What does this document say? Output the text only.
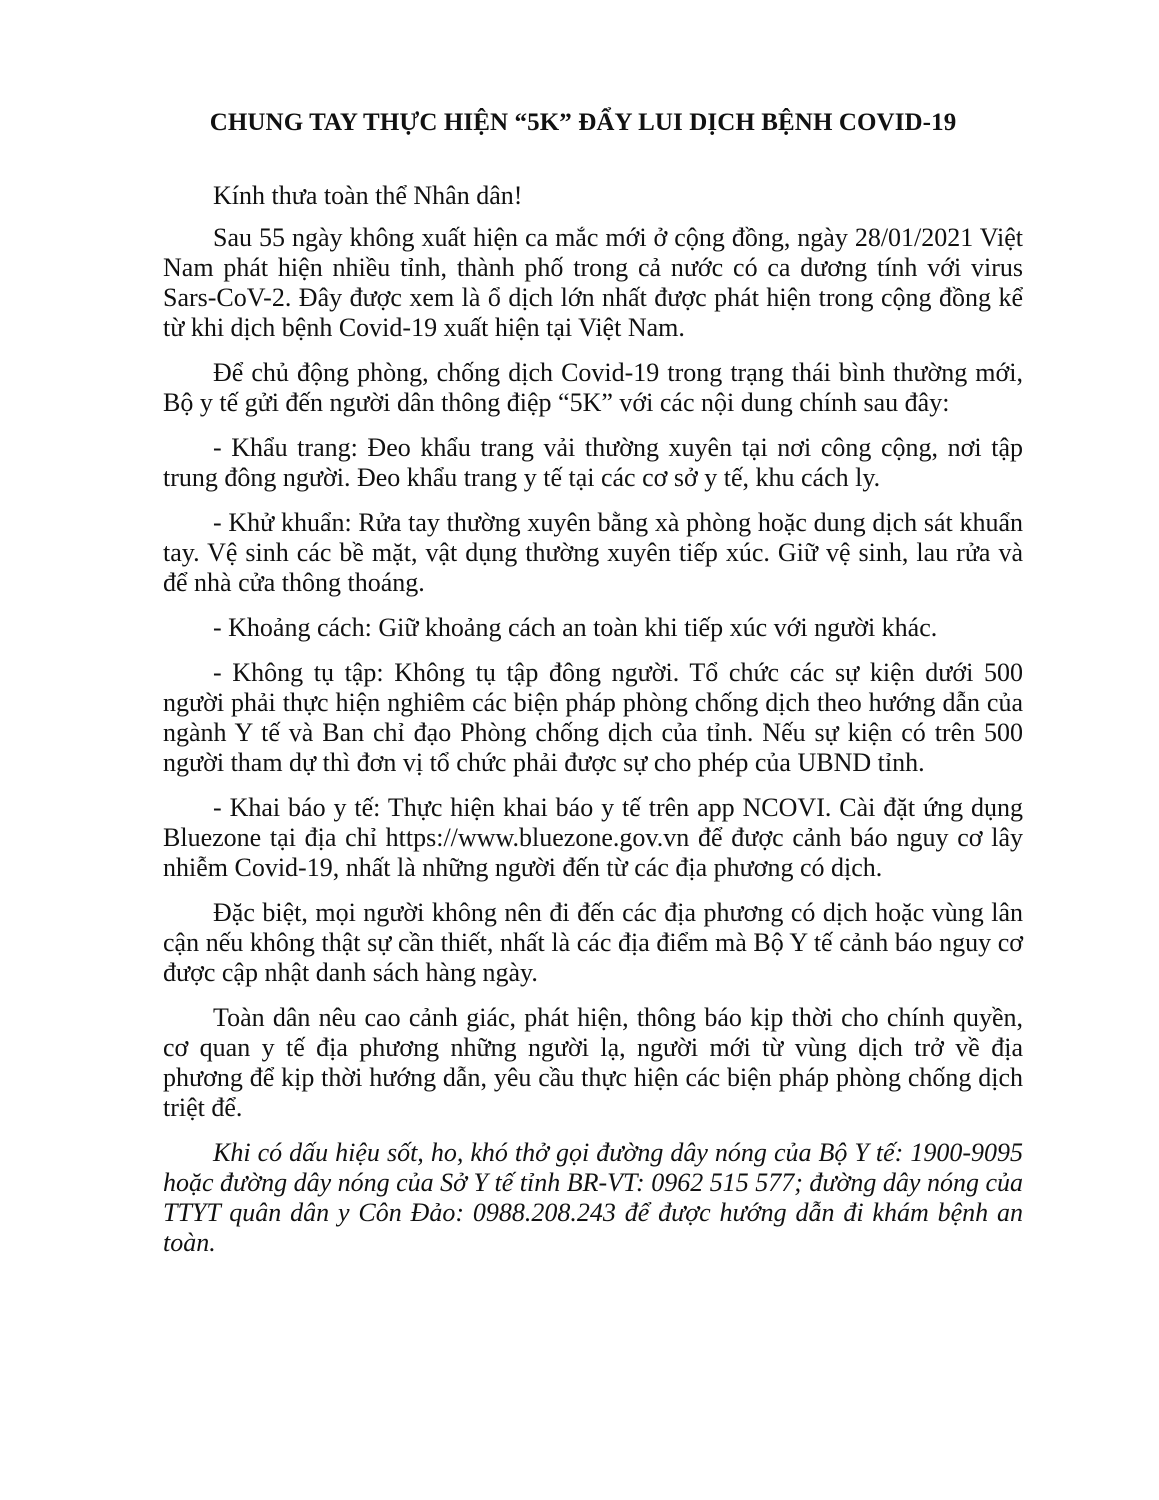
CHUNG TAY THỰC HIỆN “5K” ĐẨY LUI DỊCH BỆNH COVID-19

Kính thưa toàn thể Nhân dân!

Sau 55 ngày không xuất hiện ca mắc mới ở cộng đồng, ngày 28/01/2021 Việt Nam phát hiện nhiều tỉnh, thành phố trong cả nước có ca dương tính với virus Sars-CoV-2. Đây được xem là ổ dịch lớn nhất được phát hiện trong cộng đồng kể từ khi dịch bệnh Covid-19 xuất hiện tại Việt Nam.

Để chủ động phòng, chống dịch Covid-19 trong trạng thái bình thường mới, Bộ y tế gửi đến người dân thông điệp “5K” với các nội dung chính sau đây:

- Khẩu trang: Đeo khẩu trang vải thường xuyên tại nơi công cộng, nơi tập trung đông người. Đeo khẩu trang y tế tại các cơ sở y tế, khu cách ly.

- Khử khuẩn: Rửa tay thường xuyên bằng xà phòng hoặc dung dịch sát khuẩn tay. Vệ sinh các bề mặt, vật dụng thường xuyên tiếp xúc. Giữ vệ sinh, lau rửa và để nhà cửa thông thoáng.

- Khoảng cách: Giữ khoảng cách an toàn khi tiếp xúc với người khác.

- Không tụ tập: Không tụ tập đông người. Tổ chức các sự kiện dưới 500 người phải thực hiện nghiêm các biện pháp phòng chống dịch theo hướng dẫn của ngành Y tế và Ban chỉ đạo Phòng chống dịch của tỉnh. Nếu sự kiện có trên 500 người tham dự thì đơn vị tổ chức phải được sự cho phép của UBND tỉnh.

- Khai báo y tế: Thực hiện khai báo y tế trên app NCOVI. Cài đặt ứng dụng Bluezone tại địa chỉ https://www.bluezone.gov.vn để được cảnh báo nguy cơ lây nhiễm Covid-19, nhất là những người đến từ các địa phương có dịch.

Đặc biệt, mọi người không nên đi đến các địa phương có dịch hoặc vùng lân cận nếu không thật sự cần thiết, nhất là các địa điểm mà Bộ Y tế cảnh báo nguy cơ được cập nhật danh sách hàng ngày.

Toàn dân nêu cao cảnh giác, phát hiện, thông báo kịp thời cho chính quyền, cơ quan y tế địa phương những người lạ, người mới từ vùng dịch trở về địa phương để kịp thời hướng dẫn, yêu cầu thực hiện các biện pháp phòng chống dịch triệt để.

Khi có dấu hiệu sốt, ho, khó thở gọi đường dây nóng của Bộ Y tế: 1900-9095 hoặc đường dây nóng của Sở Y tế tỉnh BR-VT: 0962 515 577; đường dây nóng của TTYT quân dân y Côn Đảo: 0988.208.243 để được hướng dẫn đi khám bệnh an toàn.
